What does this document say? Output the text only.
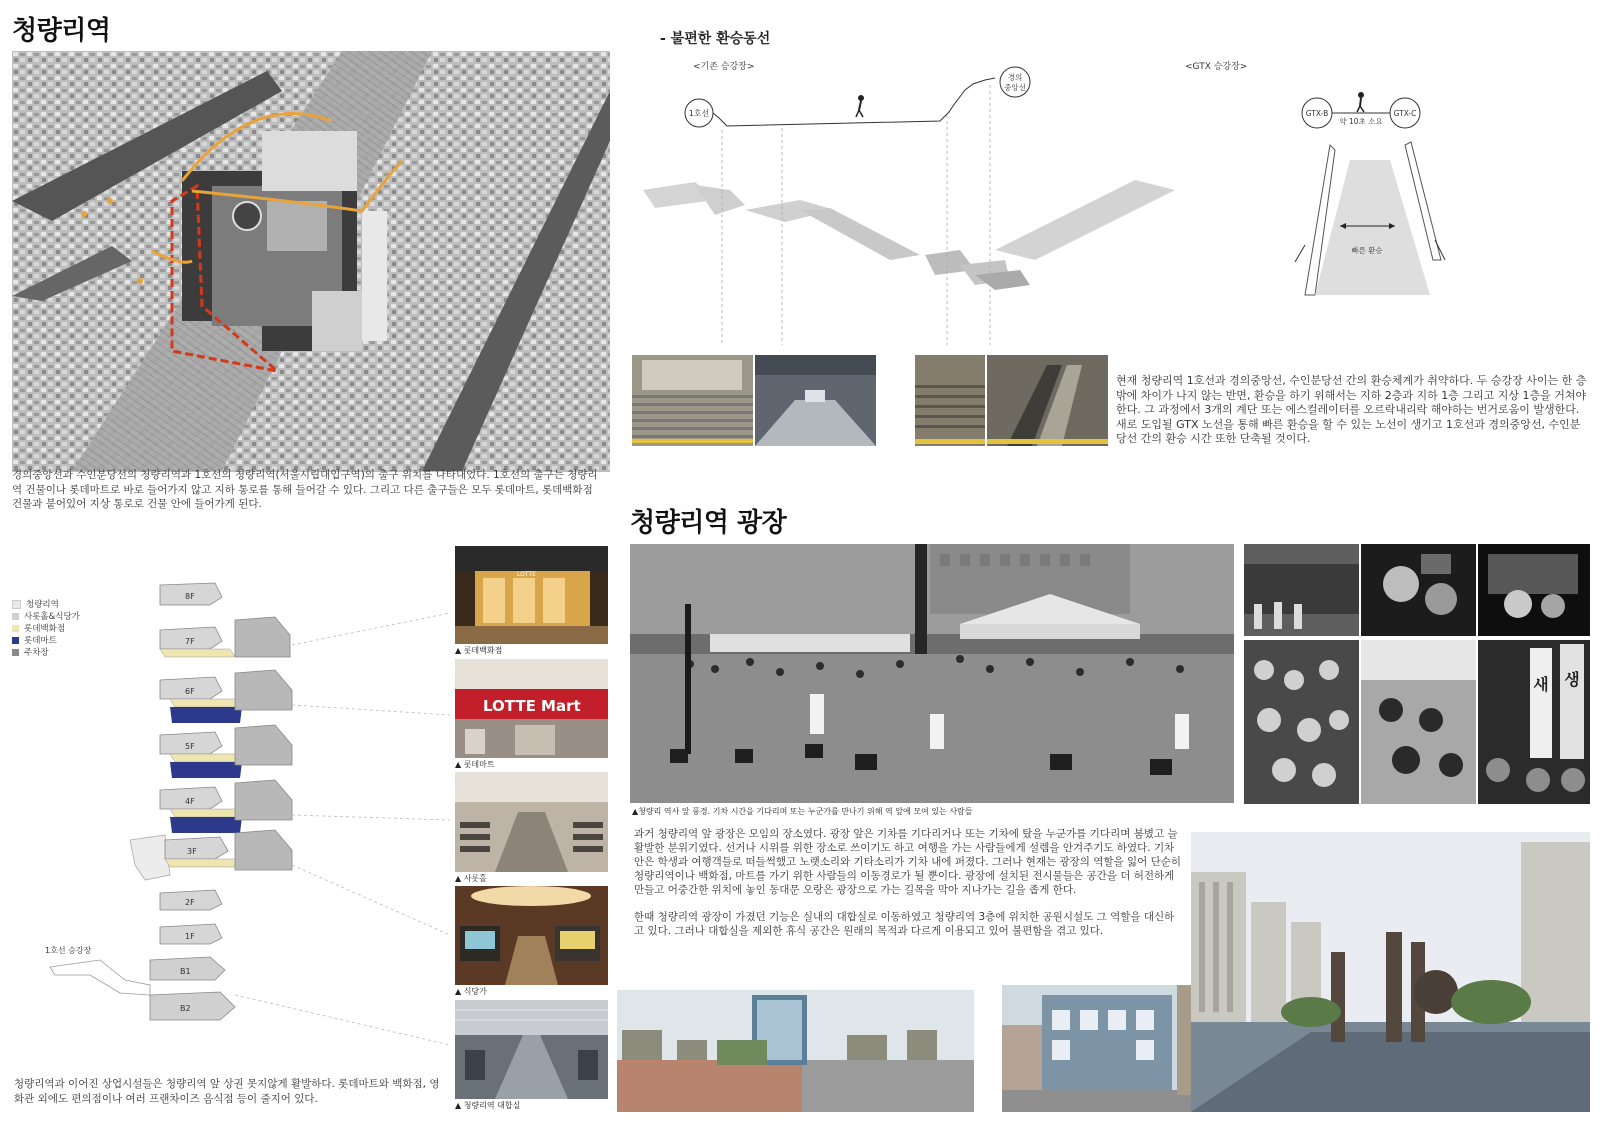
청량리역
경의중앙선과 수인분당선의 청량리역과 1호선의 청량리역(서울시립대입구역)의 출구 위치를 나타내었다. 1호선의 출구는 청량리역 건물이나 롯데마트로 바로 들어가지 않고 지하 통로를 통해 들어갈 수 있다. 그리고 다른 출구들은 모두 롯데마트, 롯데백화점 건물과 붙어있어 지상 통로로 건물 안에 들어가게 된다.
- 불편한 환승동선
<기존 승강장>	<GTX 승강장>
1호선
경의
중앙선
GTX-B	GTX-C
약 10초 소요
빠른 환승
현재 청량리역 1호선과 경의중앙선, 수인분당선 간의 환승체계가 취약하다. 두 승강장 사이는 한 층밖에 차이가 나지 않는 반면, 환승을 하기 위해서는 지하 2층과 지하 1층 그리고 지상 1층을 거쳐야 한다. 그 과정에서 3개의 계단 또는 에스컬레이터를 오르락내리락 해야하는 번거로움이 발생한다. 새로 도입될 GTX 노선을 통해 빠른 환승을 할 수 있는 노선이 생기고 1호선과 경의중앙선, 수인분당선 간의 환승 시간 또한 단축될 것이다.
청량리역
사롯홀&식당가
롯데백화점
롯데마트
주차장
8F
7F
6F
5F
4F
3F
2F
1F
B1
B2
1호선 승강장
LOTTE
▲ 롯데백화점
LOTTE Mart
▲ 롯데마트
▲ 사롯홀
▲ 식당가
▲ 청량리역 대합실
청량리역과 이어진 상업시설들은 청량리역 앞 상권 못지않게 활발하다. 롯데마트와 백화점, 영화관 외에도 편의점이나 여러 프랜차이즈 음식점 등이 줄지어 있다.
청량리역 광장
▲청량리 역사 앞 풍경. 기차 시간을 기다리며 또는 누군가를 만나기 위해 역 앞에 모여 있는 사람들
새 생
과거 청량리역 앞 광장은 모임의 장소였다. 광장 앞은 기차를 기다리거나 또는 기차에 탔을 누군가를 기다리며 붐볐고 늘 활발한 분위기였다. 선거나 시위를 위한 장소로 쓰이기도 하고 여행을 가는 사람들에게 설렘을 안겨주기도 하였다. 기차 안은 학생과 여행객들로 떠들썩했고 노랫소리와 기타소리가 기차 내에 퍼졌다. 그러나 현재는 광장의 역할을 잃어 단순히 청량리역이나 백화점, 마트를 가기 위한 사람들의 이동경로가 될 뿐이다. 광장에 설치된 전시물들은 공간을 더 허전하게 만들고 어중간한 위치에 놓인 동대문 오랑은 광장으로 가는 길목을 막아 지나가는 길을 좁게 한다.
한때 청량리역 광장이 가졌던 기능은 실내의 대합실로 이동하였고 청량리역 3층에 위치한 공원시설도 그 역할을 대신하고 있다. 그러나 대합실을 제외한 휴식 공간은 원래의 목적과 다르게 이용되고 있어 불편함을 겪고 있다.
